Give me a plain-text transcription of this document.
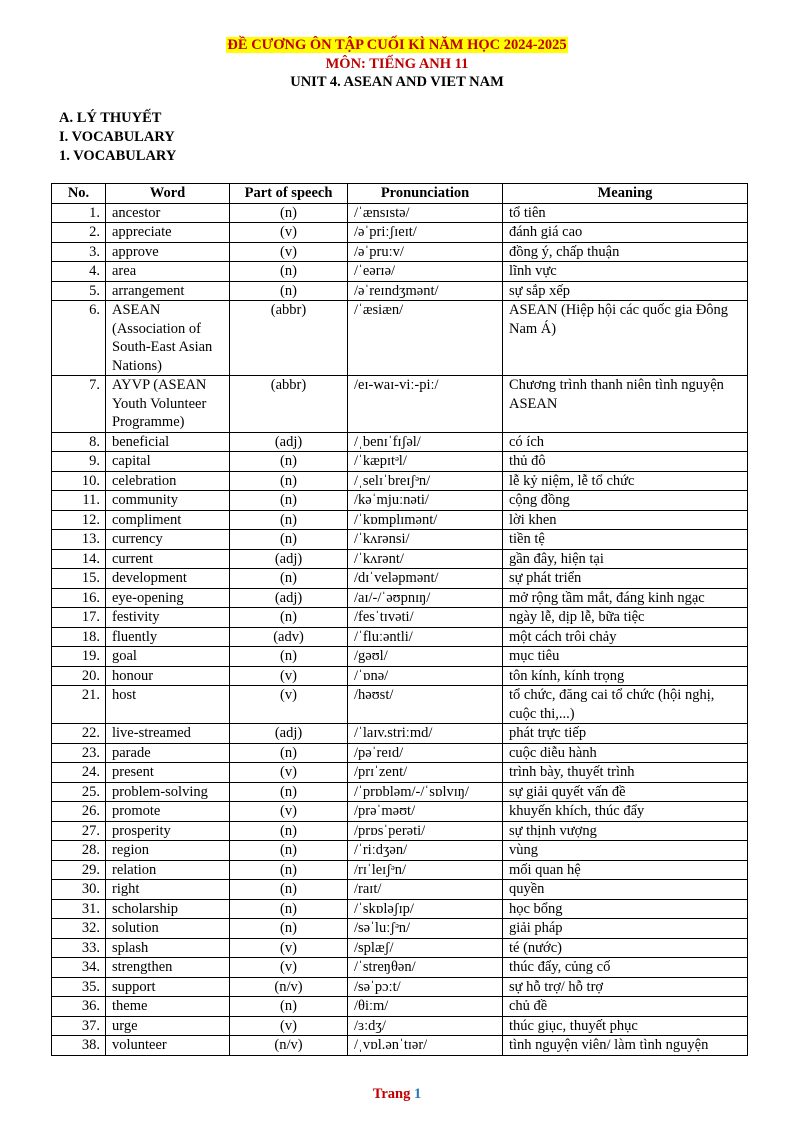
ĐỀ CƯƠNG ÔN TẬP CUỐI KÌ NĂM HỌC 2024-2025
MÔN: TIẾNG ANH 11
UNIT 4. ASEAN AND VIET NAM
A. LÝ THUYẾT
I. VOCABULARY
1. VOCABULARY
No.	Word	Part of speech	Pronunciation	Meaning
1.	ancestor	(n)	/ˈænsɪstə/	tổ tiên
2.	appreciate	(v)	/əˈpriːʃɪeɪt/	đánh giá cao
3.	approve	(v)	/əˈpruːv/	đồng ý, chấp thuận
4.	area	(n)	/ˈeərɪə/	lĩnh vực
5.	arrangement	(n)	/əˈreɪndʒmənt/	sự sắp xếp
6.	ASEAN (Association of South-East Asian Nations)	(abbr)	/ˈæsiæn/	ASEAN (Hiệp hội các quốc gia Đông Nam Á)
7.	AYVP (ASEAN Youth Volunteer Programme)	(abbr)	/eɪ-waɪ-viː-piː/	Chương trình thanh niên tình nguyện ASEAN
8.	beneficial	(adj)	/ˌbenɪˈfɪʃəl/	có ích
9.	capital	(n)	/ˈkæpɪtᵊl/	thủ đô
10.	celebration	(n)	/ˌselɪˈbreɪʃᵊn/	lễ kỷ niệm, lễ tổ chức
11.	community	(n)	/kəˈmjuːnəti/	cộng đồng
12.	compliment	(n)	/ˈkɒmplɪmənt/	lời khen
13.	currency	(n)	/ˈkʌrənsi/	tiền tệ
14.	current	(adj)	/ˈkʌrənt/	gần đây, hiện tại
15.	development	(n)	/dɪˈveləpmənt/	sự phát triển
16.	eye-opening	(adj)	/aɪ/-/ˈəʊpnɪŋ/	mở rộng tầm mắt, đáng kinh ngạc
17.	festivity	(n)	/fesˈtɪvəti/	ngày lễ, dịp lễ, bữa tiệc
18.	fluently	(adv)	/ˈfluːəntli/	một cách trôi chảy
19.	goal	(n)	/gəʊl/	mục tiêu
20.	honour	(v)	/ˈɒnə/	tôn kính, kính trọng
21.	host	(v)	/həʊst/	tổ chức, đăng cai tổ chức (hội nghị, cuộc thi,...)
22.	live-streamed	(adj)	/ˈlaɪv.striːmd/	phát trực tiếp
23.	parade	(n)	/pəˈreɪd/	cuộc diễu hành
24.	present	(v)	/prɪˈzent/	trình bày, thuyết trình
25.	problem-solving	(n)	/ˈprɒbləm/-/ˈsɒlvɪŋ/	sự giải quyết vấn đề
26.	promote	(v)	/prəˈməʊt/	khuyến khích, thúc đẩy
27.	prosperity	(n)	/prɒsˈperəti/	sự thịnh vượng
28.	region	(n)	/ˈriːdʒən/	vùng
29.	relation	(n)	/rɪˈleɪʃᵊn/	mối quan hệ
30.	right	(n)	/raɪt/	quyền
31.	scholarship	(n)	/ˈskɒləʃɪp/	học bổng
32.	solution	(n)	/səˈluːʃᵊn/	giải pháp
33.	splash	(v)	/splæʃ/	té (nước)
34.	strengthen	(v)	/ˈstreŋθən/	thúc đẩy, củng cố
35.	support	(n/v)	/səˈpɔːt/	sự hỗ trợ/ hỗ trợ
36.	theme	(n)	/θiːm/	chủ đề
37.	urge	(v)	/ɜːdʒ/	thúc giục, thuyết phục
38.	volunteer	(n/v)	/ˌvɒl.ənˈtɪər/	tình nguyện viên/ làm tình nguyện
Trang 1
